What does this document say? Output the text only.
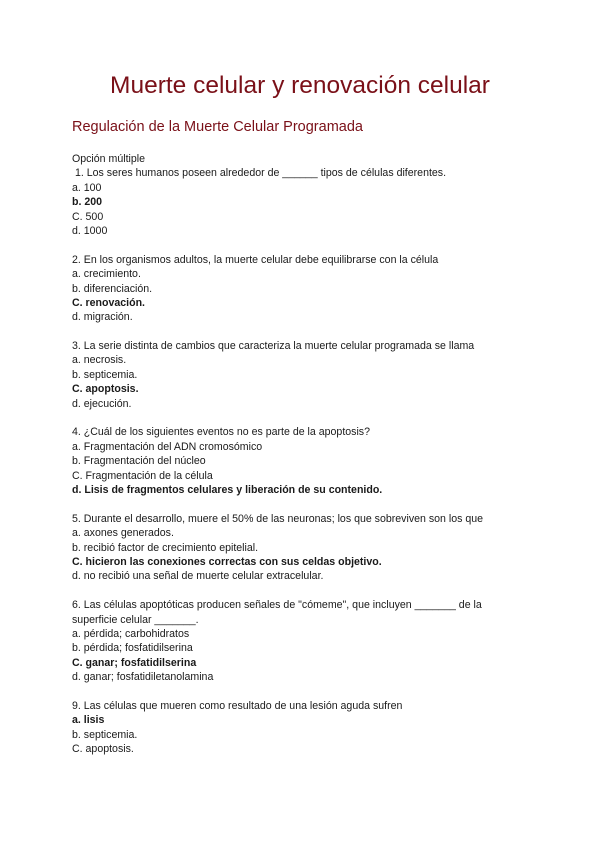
Muerte celular y renovación celular
Regulación de la Muerte Celular Programada
Opción múltiple
1. Los seres humanos poseen alrededor de ______ tipos de células diferentes.
a. 100
b. 200
C. 500
d. 1000
2. En los organismos adultos, la muerte celular debe equilibrarse con la célula
a. crecimiento.
b. diferenciación.
C. renovación.
d. migración.
3. La serie distinta de cambios que caracteriza la muerte celular programada se llama
a. necrosis.
b. septicemia.
C. apoptosis.
d. ejecución.
4. ¿Cuál de los siguientes eventos no es parte de la apoptosis?
a. Fragmentación del ADN cromosómico
b. Fragmentación del núcleo
C. Fragmentación de la célula
d. Lisis de fragmentos celulares y liberación de su contenido.
5. Durante el desarrollo, muere el 50% de las neuronas; los que sobreviven son los que
a. axones generados.
b. recibió factor de crecimiento epitelial.
C. hicieron las conexiones correctas con sus celdas objetivo.
d. no recibió una señal de muerte celular extracelular.
6. Las células apoptóticas producen señales de "cómeme", que incluyen _______ de la superficie celular _______.
a. pérdida; carbohidratos
b. pérdida; fosfatidilserina
C. ganar; fosfatidilserina
d. ganar; fosfatidiletanolamina
9. Las células que mueren como resultado de una lesión aguda sufren
a. lisis
b. septicemia.
C. apoptosis.
